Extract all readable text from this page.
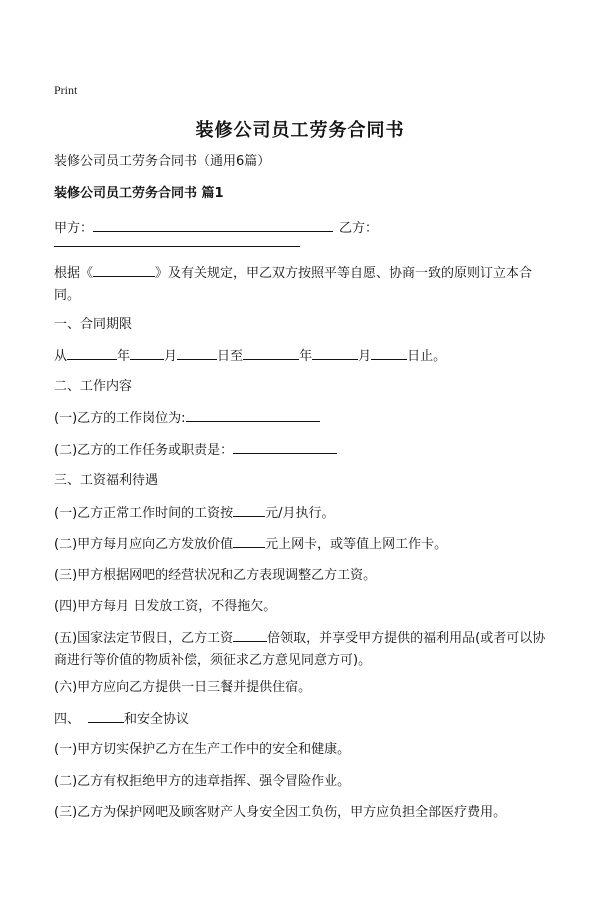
Print
装修公司员工劳务合同书
装修公司员工劳务合同书（通用6篇）
装修公司员工劳务合同书 篇1
甲方：	乙方：
根据《	》及有关规定，甲乙双方按照平等自愿、协商一致的原则订立本合同。
一、合同期限
从	年	月	日至	年	月	日止。
二、工作内容
(一)乙方的工作岗位为:
(二)乙方的工作任务或职责是：
三、工资福利待遇
(一)乙方正常工作时间的工资按 元/月执行。
(二)甲方每月应向乙方发放价值 元上网卡，或等值上网工作卡。
(三)甲方根据网吧的经营状况和乙方表现调整乙方工资。
(四)甲方每月 日发放工资，不得拖欠。
(五)国家法定节假日，乙方工资	倍领取，并享受甲方提供的福利用品(或者可以协商进行等价值的物质补偿，须征求乙方意见同意方可)。
(六)甲方应向乙方提供一日三餐并提供住宿。
四、	和安全协议
(一)甲方切实保护乙方在生产工作中的安全和健康。
(二)乙方有权拒绝甲方的违章指挥、强令冒险作业。
(三)乙方为保护网吧及顾客财产人身安全因工负伤，甲方应负担全部医疗费用。
